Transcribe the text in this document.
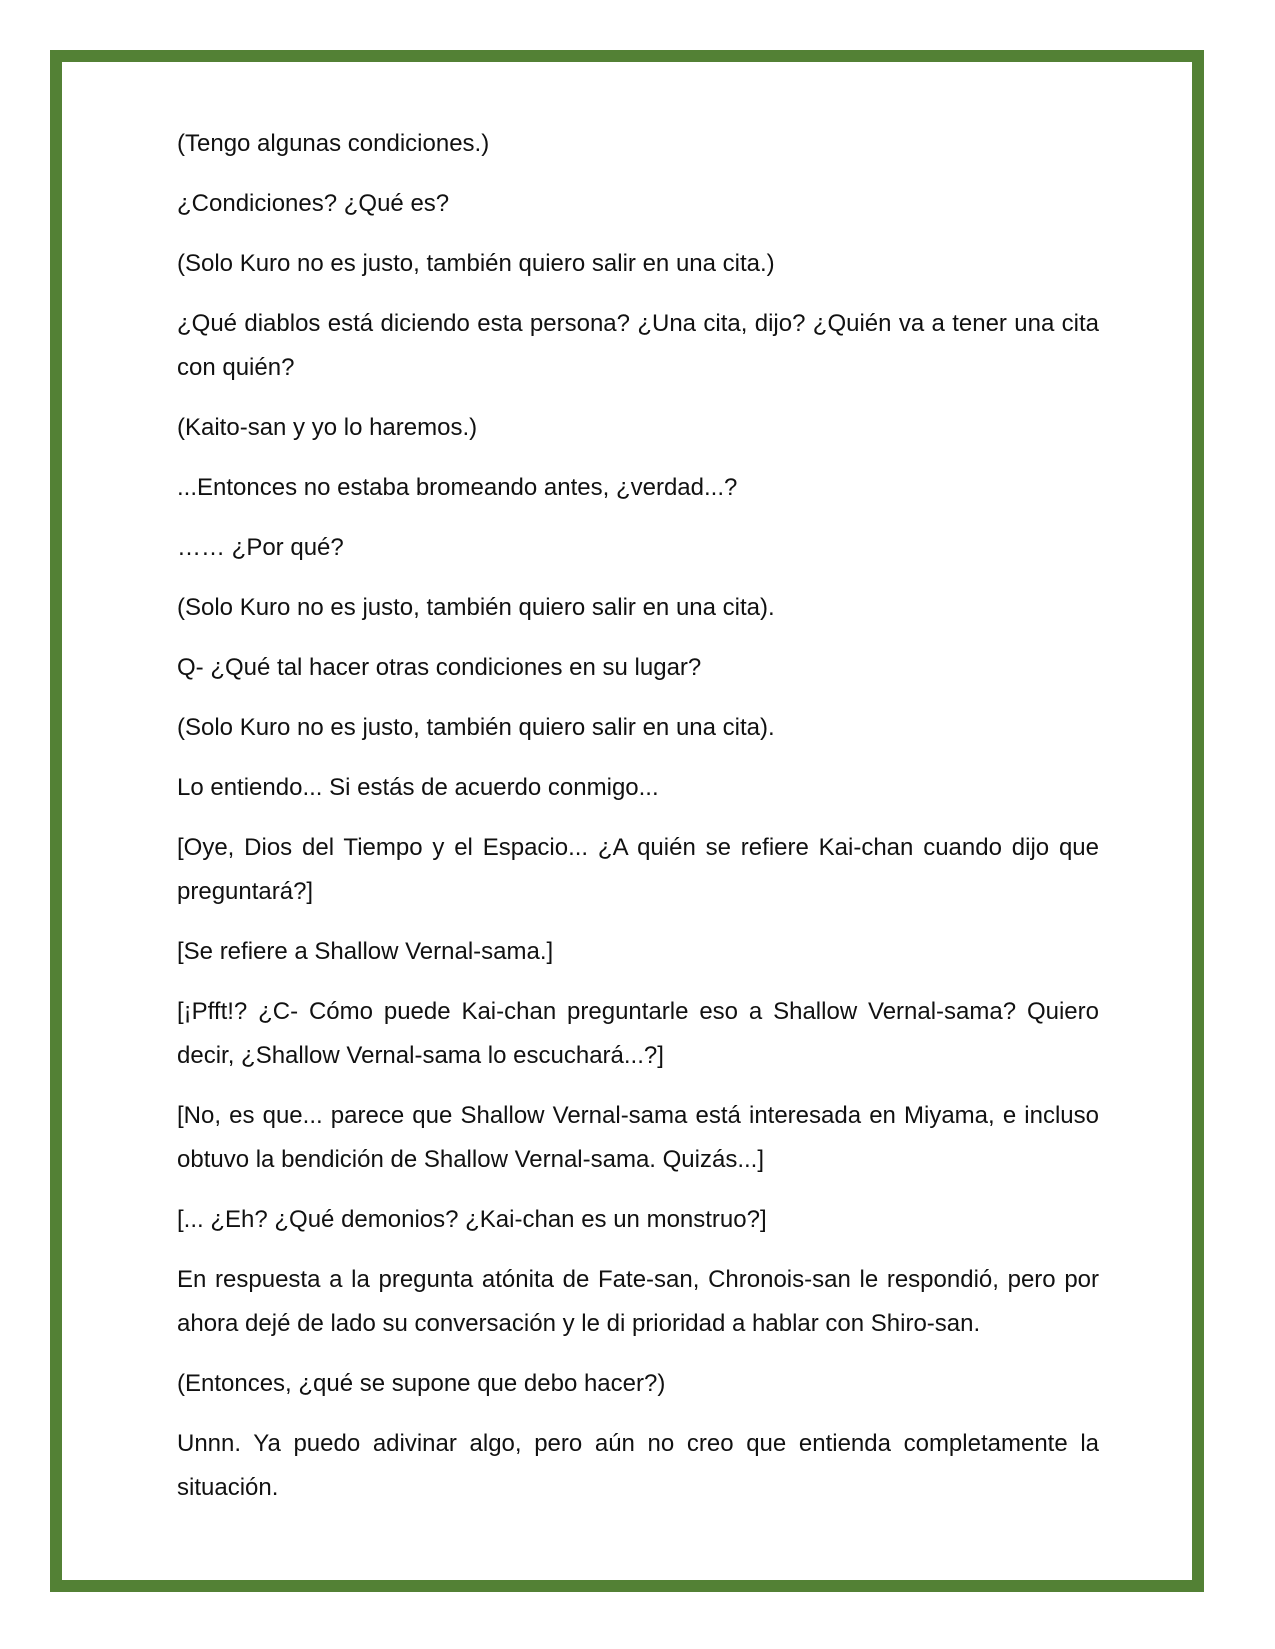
(Tengo algunas condiciones.)

¿Condiciones? ¿Qué es?

(Solo Kuro no es justo, también quiero salir en una cita.)

¿Qué diablos está diciendo esta persona? ¿Una cita, dijo? ¿Quién va a tener una cita con quién?

(Kaito-san y yo lo haremos.)

...Entonces no estaba bromeando antes, ¿verdad...?

…… ¿Por qué?

(Solo Kuro no es justo, también quiero salir en una cita).

Q- ¿Qué tal hacer otras condiciones en su lugar?

(Solo Kuro no es justo, también quiero salir en una cita).

Lo entiendo... Si estás de acuerdo conmigo...

[Oye, Dios del Tiempo y el Espacio... ¿A quién se refiere Kai-chan cuando dijo que preguntará?]

[Se refiere a Shallow Vernal-sama.]

[¡Pfft!? ¿C- Cómo puede Kai-chan preguntarle eso a Shallow Vernal-sama? Quiero decir, ¿Shallow Vernal-sama lo escuchará...?]

[No, es que... parece que Shallow Vernal-sama está interesada en Miyama, e incluso obtuvo la bendición de Shallow Vernal-sama. Quizás...]

[... ¿Eh? ¿Qué demonios? ¿Kai-chan es un monstruo?]

En respuesta a la pregunta atónita de Fate-san, Chronois-san le respondió, pero por ahora dejé de lado su conversación y le di prioridad a hablar con Shiro-san.

(Entonces, ¿qué se supone que debo hacer?)

Unnn. Ya puedo adivinar algo, pero aún no creo que entienda completamente la situación.
